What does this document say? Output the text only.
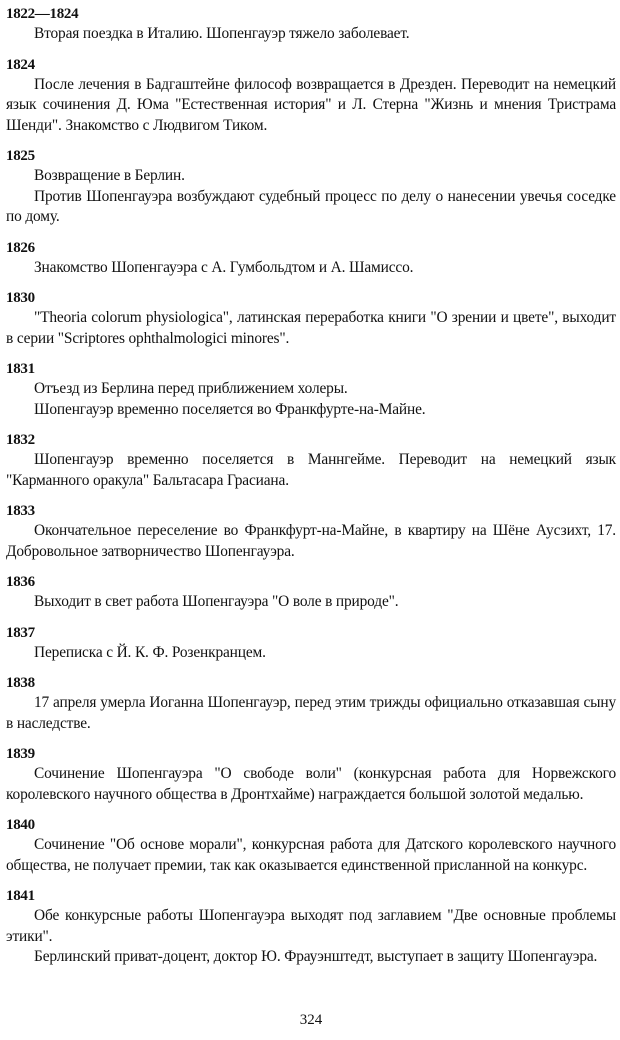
1822—1824

Вторая поездка в Италию. Шопенгауэр тяжело заболевает.

1824

После лечения в Бадгаштейне философ возвращается в Дрезден. Переводит на немецкий язык сочинения Д. Юма "Естественная история" и Л. Стерна "Жизнь и мнения Тристрама Шенди". Знакомство с Людвигом Тиком.

1825

Возвращение в Берлин.

Против Шопенгауэра возбуждают судебный процесс по делу о нанесении увечья соседке по дому.

1826

Знакомство Шопенгауэра с А. Гумбольдтом и А. Шамиссо.

1830

"Theoria colorum physiologica", латинская переработка книги "О зрении и цвете", выходит в серии "Scriptores ophthalmologici minores".

1831

Отъезд из Берлина перед приближением холеры.

Шопенгауэр временно поселяется во Франкфурте-на-Майне.

1832

Шопенгауэр временно поселяется в Маннгейме. Переводит на немецкий язык "Карманного оракула" Бальтасара Грасиана.

1833

Окончательное переселение во Франкфурт-на-Майне, в квартиру на Шёне Аусзихт, 17. Добровольное затворничество Шопенгауэра.

1836

Выходит в свет работа Шопенгауэра "О воле в природе".

1837

Переписка с Й. К. Ф. Розенкранцем.

1838

17 апреля умерла Иоганна Шопенгауэр, перед этим трижды официально отказавшая сыну в наследстве.

1839

Сочинение Шопенгауэра "О свободе воли" (конкурсная работа для Норвежского королевского научного общества в Дронтхайме) награждается большой золотой медалью.

1840

Сочинение "Об основе морали", конкурсная работа для Датского королевского научного общества, не получает премии, так как оказывается единственной присланной на конкурс.

1841

Обе конкурсные работы Шопенгауэра выходят под заглавием "Две основные проблемы этики".

Берлинский приват-доцент, доктор Ю. Фрауэнштедт, выступает в защиту Шопенгауэра.

324
